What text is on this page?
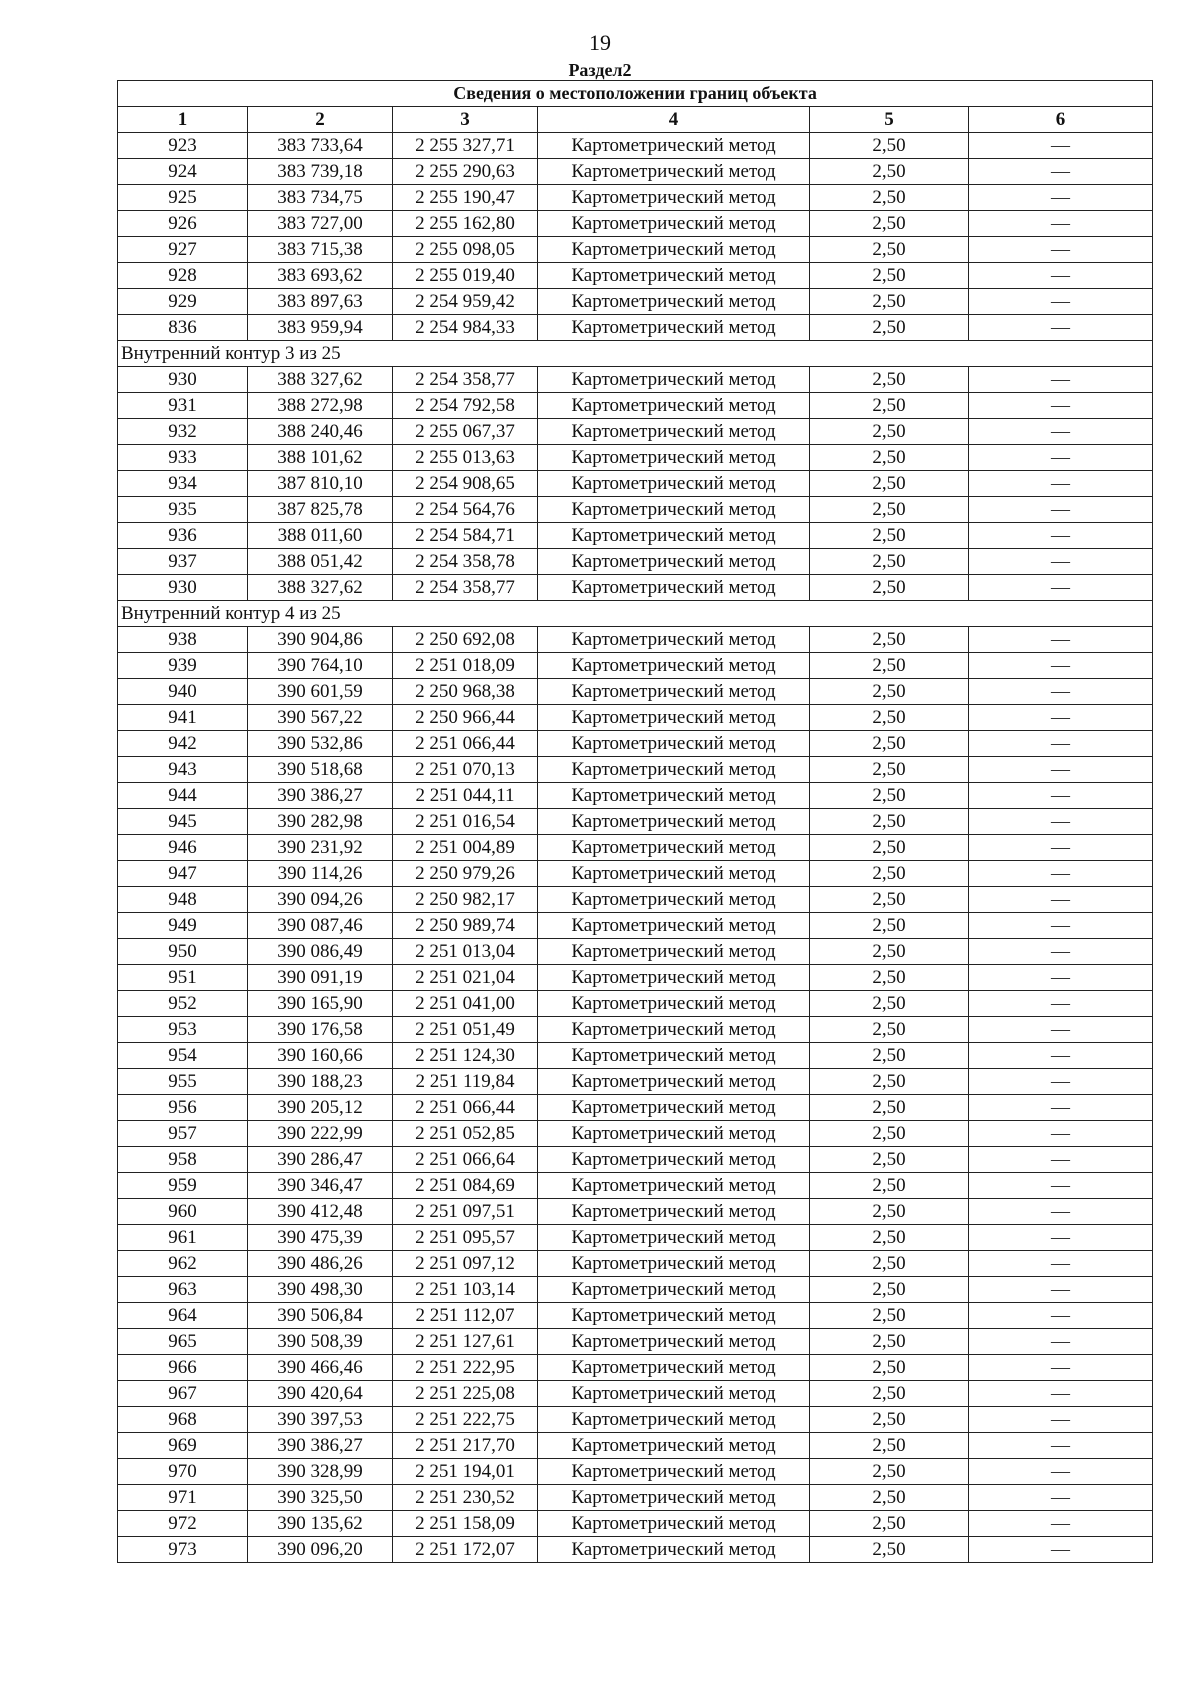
19
Раздел2
Сведения о местоположении границ объекта					
1	2	3	4	5	6
923	383 733,64	2 255 327,71	Картометрический метод	2,50	—
924	383 739,18	2 255 290,63	Картометрический метод	2,50	—
925	383 734,75	2 255 190,47	Картометрический метод	2,50	—
926	383 727,00	2 255 162,80	Картометрический метод	2,50	—
927	383 715,38	2 255 098,05	Картометрический метод	2,50	—
928	383 693,62	2 255 019,40	Картометрический метод	2,50	—
929	383 897,63	2 254 959,42	Картометрический метод	2,50	—
836	383 959,94	2 254 984,33	Картометрический метод	2,50	—
Внутренний контур 3 из 25					
930	388 327,62	2 254 358,77	Картометрический метод	2,50	—
931	388 272,98	2 254 792,58	Картометрический метод	2,50	—
932	388 240,46	2 255 067,37	Картометрический метод	2,50	—
933	388 101,62	2 255 013,63	Картометрический метод	2,50	—
934	387 810,10	2 254 908,65	Картометрический метод	2,50	—
935	387 825,78	2 254 564,76	Картометрический метод	2,50	—
936	388 011,60	2 254 584,71	Картометрический метод	2,50	—
937	388 051,42	2 254 358,78	Картометрический метод	2,50	—
930	388 327,62	2 254 358,77	Картометрический метод	2,50	—
Внутренний контур 4 из 25					
938	390 904,86	2 250 692,08	Картометрический метод	2,50	—
939	390 764,10	2 251 018,09	Картометрический метод	2,50	—
940	390 601,59	2 250 968,38	Картометрический метод	2,50	—
941	390 567,22	2 250 966,44	Картометрический метод	2,50	—
942	390 532,86	2 251 066,44	Картометрический метод	2,50	—
943	390 518,68	2 251 070,13	Картометрический метод	2,50	—
944	390 386,27	2 251 044,11	Картометрический метод	2,50	—
945	390 282,98	2 251 016,54	Картометрический метод	2,50	—
946	390 231,92	2 251 004,89	Картометрический метод	2,50	—
947	390 114,26	2 250 979,26	Картометрический метод	2,50	—
948	390 094,26	2 250 982,17	Картометрический метод	2,50	—
949	390 087,46	2 250 989,74	Картометрический метод	2,50	—
950	390 086,49	2 251 013,04	Картометрический метод	2,50	—
951	390 091,19	2 251 021,04	Картометрический метод	2,50	—
952	390 165,90	2 251 041,00	Картометрический метод	2,50	—
953	390 176,58	2 251 051,49	Картометрический метод	2,50	—
954	390 160,66	2 251 124,30	Картометрический метод	2,50	—
955	390 188,23	2 251 119,84	Картометрический метод	2,50	—
956	390 205,12	2 251 066,44	Картометрический метод	2,50	—
957	390 222,99	2 251 052,85	Картометрический метод	2,50	—
958	390 286,47	2 251 066,64	Картометрический метод	2,50	—
959	390 346,47	2 251 084,69	Картометрический метод	2,50	—
960	390 412,48	2 251 097,51	Картометрический метод	2,50	—
961	390 475,39	2 251 095,57	Картометрический метод	2,50	—
962	390 486,26	2 251 097,12	Картометрический метод	2,50	—
963	390 498,30	2 251 103,14	Картометрический метод	2,50	—
964	390 506,84	2 251 112,07	Картометрический метод	2,50	—
965	390 508,39	2 251 127,61	Картометрический метод	2,50	—
966	390 466,46	2 251 222,95	Картометрический метод	2,50	—
967	390 420,64	2 251 225,08	Картометрический метод	2,50	—
968	390 397,53	2 251 222,75	Картометрический метод	2,50	—
969	390 386,27	2 251 217,70	Картометрический метод	2,50	—
970	390 328,99	2 251 194,01	Картометрический метод	2,50	—
971	390 325,50	2 251 230,52	Картометрический метод	2,50	—
972	390 135,62	2 251 158,09	Картометрический метод	2,50	—
973	390 096,20	2 251 172,07	Картометрический метод	2,50	—
